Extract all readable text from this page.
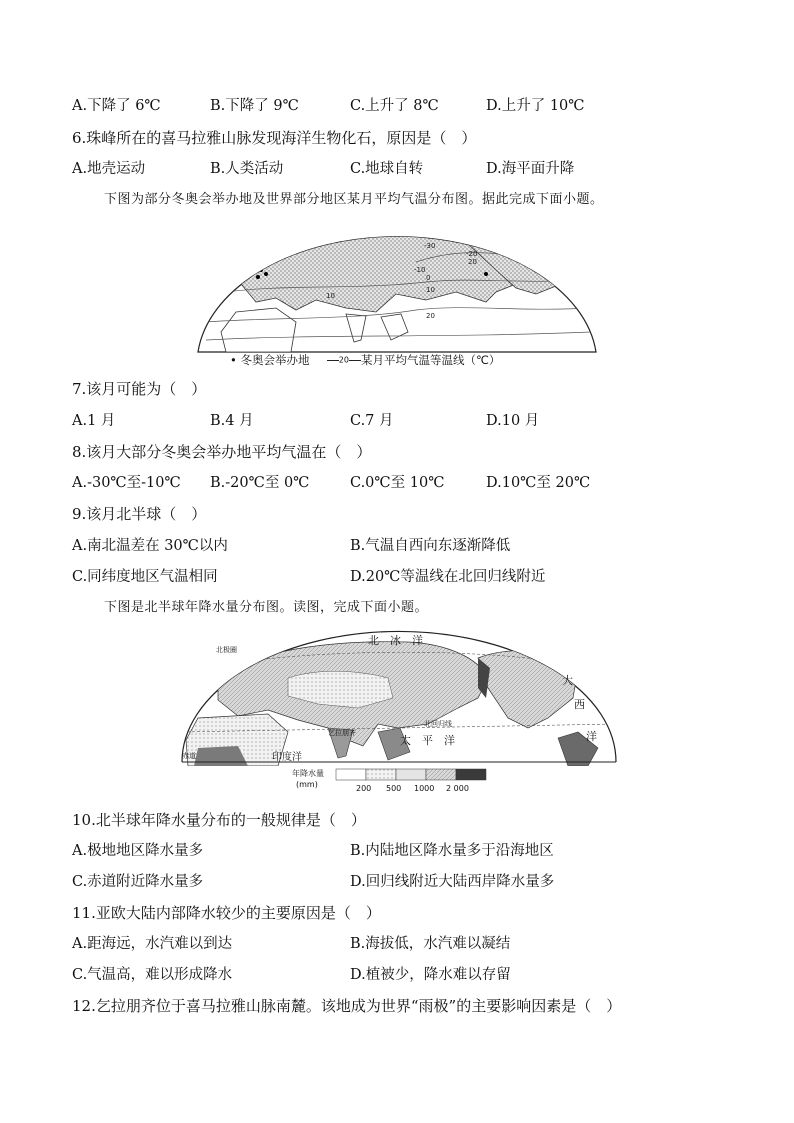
A.下降了 6℃	B.下降了 9℃	C.上升了 8℃	D.上升了 10℃
6.珠峰所在的喜马拉雅山脉发现海洋生物化石，原因是（　）
A.地壳运动	B.人类活动	C.地球自转	D.海平面升降
下图为部分冬奥会举办地及世界部分地区某月平均气温分布图。据此完成下面小题。
-30
-20
-10
0
10
20
10
20
• 冬奥会举办地	20 某月平均气温等温线（℃）
7.该月可能为（　）
A.1 月	B.4 月	C.7 月	D.10 月
8.该月大部分冬奥会举办地平均气温在（　）
A.-30℃至-10℃ B.-20℃至 0℃	C.0℃至 10℃	D.10℃至 20℃
9.该月北半球（　）
A.南北温差在 30℃以内	B.气温自西向东逐渐降低
C.同纬度地区气温相同	D.20℃等温线在北回归线附近
下图是北半球年降水量分布图。读图，完成下面小题。
北　冰　洋
北极圈
大
西
洋
北回归线
太　平　洋
乞拉朋齐
印度洋
赤道
年降水量
(mm)	200 500 1000 2 000
10.北半球年降水量分布的一般规律是（　）
A.极地地区降水量多	B.内陆地区降水量多于沿海地区
C.赤道附近降水量多	D.回归线附近大陆西岸降水量多
11.亚欧大陆内部降水较少的主要原因是（　）
A.距海远，水汽难以到达	B.海拔低，水汽难以凝结
C.气温高，难以形成降水	D.植被少，降水难以存留
12.乞拉朋齐位于喜马拉雅山脉南麓。该地成为世界“雨极”的主要影响因素是（　）
